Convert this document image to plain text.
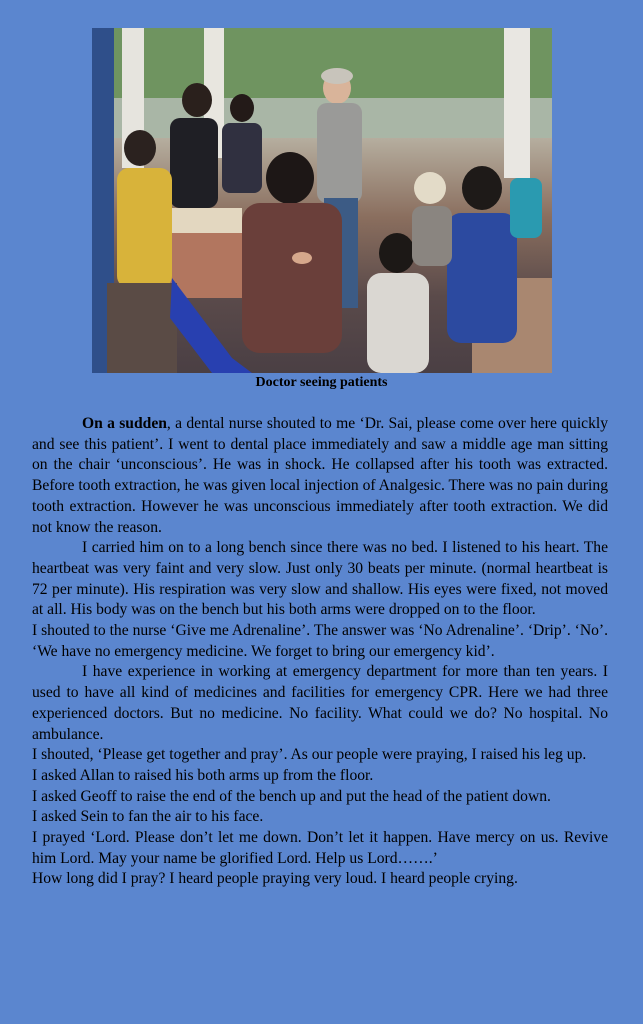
Doctor seeing patients

On a sudden, a dental nurse shouted to me ‘Dr. Sai, please come over here quickly and see this patient’. I went to dental place immediately and saw a middle age man sitting on the chair ‘unconscious’. He was in shock. He collapsed after his tooth was extracted. Before tooth extraction, he was given local injection of Analgesic. There was no pain during tooth extraction. However he was unconscious immediately after tooth extraction. We did not know the reason.

I carried him on to a long bench since there was no bed. I listened to his heart. The heartbeat was very faint and very slow. Just only 30 beats per minute. (normal heartbeat is 72 per minute). His respiration was very slow and shallow. His eyes were fixed, not moved at all. His body was on the bench but his both arms were dropped on to the floor.

I shouted to the nurse ‘Give me Adrenaline’. The answer was ‘No Adrenaline’. ‘Drip’. ‘No’. ‘We have no emergency medicine. We forget to bring our emergency kid’.

I have experience in working at emergency department for more than ten years. I used to have all kind of medicines and facilities for emergency CPR. Here we had three experienced doctors. But no medicine. No facility. What could we do? No hospital. No ambulance.

I shouted, ‘Please get together and pray’. As our people were praying, I raised his leg up.

I asked Allan to raised his both arms up from the floor.

I asked Geoff to raise the end of the bench up and put the head of the patient down.

I asked Sein to fan the air to his face.

I prayed ‘Lord. Please don’t let me down. Don’t let it happen. Have mercy on us. Revive him Lord. May your name be glorified Lord. Help us Lord…….’

How long did I pray? I heard people praying very loud. I heard people crying.
